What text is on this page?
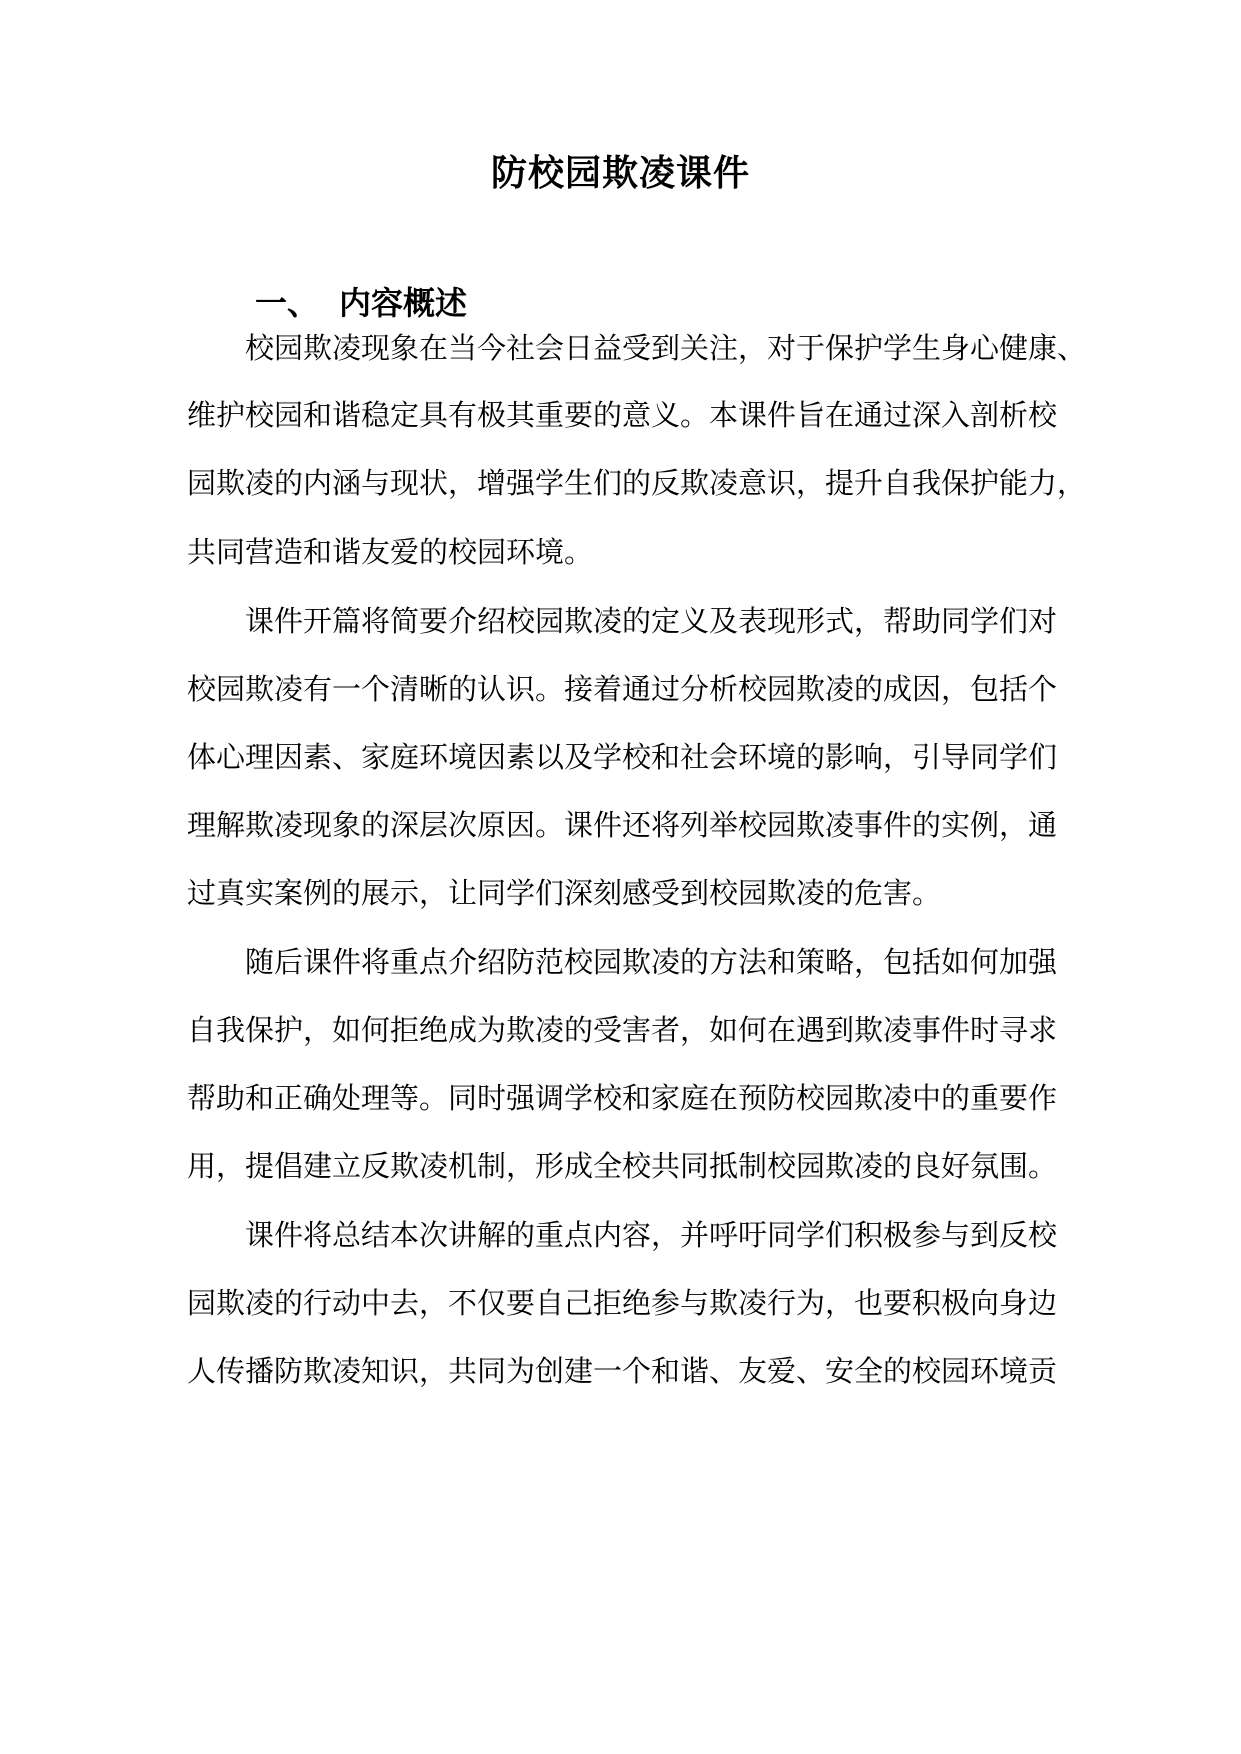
防校园欺凌课件
一、 内容概述
校园欺凌现象在当今社会日益受到关注，对于保护学生身心健康、
维护校园和谐稳定具有极其重要的意义。本课件旨在通过深入剖析校
园欺凌的内涵与现状，增强学生们的反欺凌意识，提升自我保护能力，
共同营造和谐友爱的校园环境。
课件开篇将简要介绍校园欺凌的定义及表现形式，帮助同学们对
校园欺凌有一个清晰的认识。接着通过分析校园欺凌的成因，包括个
体心理因素、家庭环境因素以及学校和社会环境的影响，引导同学们
理解欺凌现象的深层次原因。课件还将列举校园欺凌事件的实例，通
过真实案例的展示，让同学们深刻感受到校园欺凌的危害。
随后课件将重点介绍防范校园欺凌的方法和策略，包括如何加强
自我保护，如何拒绝成为欺凌的受害者，如何在遇到欺凌事件时寻求
帮助和正确处理等。同时强调学校和家庭在预防校园欺凌中的重要作
用，提倡建立反欺凌机制，形成全校共同抵制校园欺凌的良好氛围。
课件将总结本次讲解的重点内容，并呼吁同学们积极参与到反校
园欺凌的行动中去，不仅要自己拒绝参与欺凌行为，也要积极向身边
人传播防欺凌知识，共同为创建一个和谐、友爱、安全的校园环境贡
